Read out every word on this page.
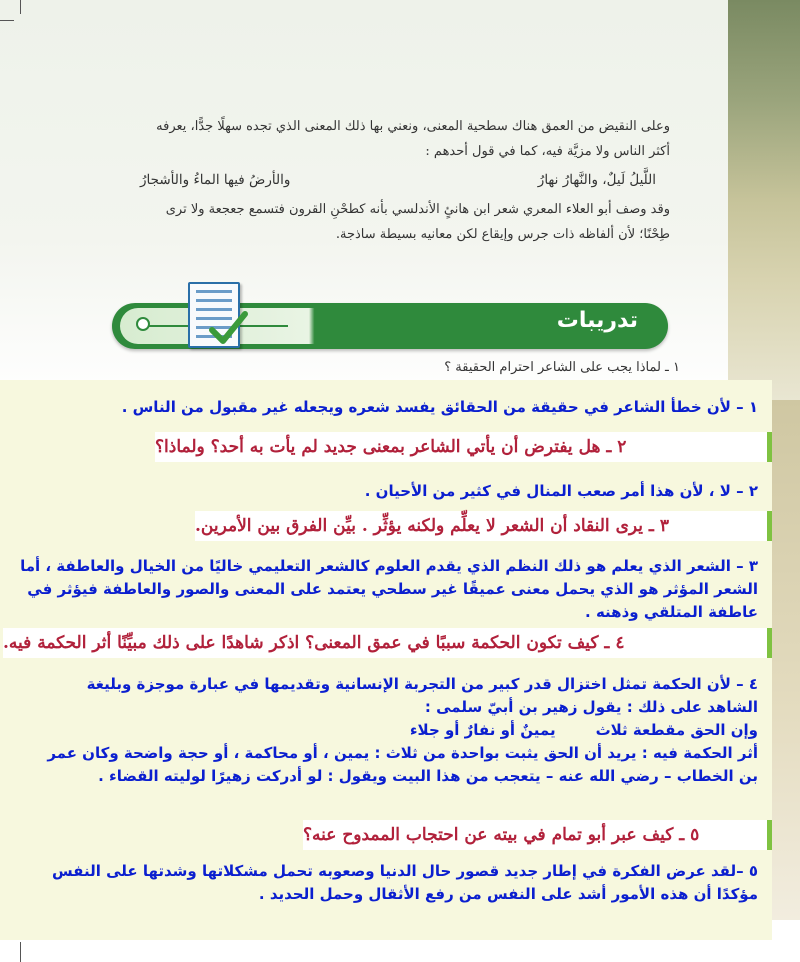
وعلى النقيض من العمق هناك سطحية المعنى، ونعني بها ذلك المعنى الذي تجده سهلًا جدًّا، يعرفه

أكثر الناس ولا مزيَّة فيه، كما في قول أحدهم :

اللَّيلُ لَيلٌ، والنَّهارُ نهارُ
والأرضُ فيها الماءُ والأشجارُ

وقد وصف أبو العلاء المعري شعر ابن هانئٍ الأندلسي بأنه كطحْنِ القرون فتسمع جعجعة ولا ترى

طِحْنًا؛ لأن ألفاظه ذات جرس وإيقاع لكن معانيه بسيطة ساذجة.

تدريبات
١ ـ لماذا يجب على الشاعر احترام الحقيقة ؟

١ – لأن خطأ الشاعر في حقيقة من الحقائق يفسد شعره ويجعله غير مقبول من الناس .

٢ ـ هل يفترض أن يأتي الشاعر بمعنى جديد لم يأت به أحد؟ ولماذا؟

٢ – لا ، لأن هذا أمر صعب المنال في كثير من الأحيان .

٣ ـ يرى النقاد أن الشعر لا يعلِّم ولكنه يؤثِّر . بيِّن الفرق بين الأمرين.

٣ – الشعر الذي يعلم هو ذلك النظم الذي يقدم العلوم كالشعر التعليمي خاليًا من الخيال والعاطفة ، أما

الشعر المؤثر هو الذي يحمل معنى عميقًا غير سطحي يعتمد على المعنى والصور والعاطفة فيؤثر في

عاطفة المتلقي وذهنه .

٤ ـ كيف تكون الحكمة سببًا في عمق المعنى؟ اذكر شاهدًا على ذلك مبيِّنًا أثر الحكمة فيه.

٤ – لأن الحكمة تمثل اختزال قدر كبير من التجربة الإنسانية وتقديمها في عبارة موجزة وبليغة

الشاهد على ذلك : يقول زهير بن أبيّ سلمى :

وإن الحق مقطعة ثلاث

يمينٌ أو نفارٌ أو جلاء

أثر الحكمة فيه : يريد أن الحق يثبت بواحدة من ثلاث : يمين ، أو محاكمة ، أو حجة واضحة وكان عمر

بن الخطاب – رضي الله عنه – يتعجب من هذا البيت ويقول : لو أدركت زهيرًا لوليته القضاء .

٥ ـ كيف عبر أبو تمام في بيته عن احتجاب الممدوح عنه؟

٥ –لقد عرض الفكرة في إطار جديد قصور حال الدنيا وصعوبه تحمل مشكلاتها وشدتها على النفس

مؤكدًا أن هذه الأمور أشد على النفس من رفع الأثقال وحمل الحديد .
